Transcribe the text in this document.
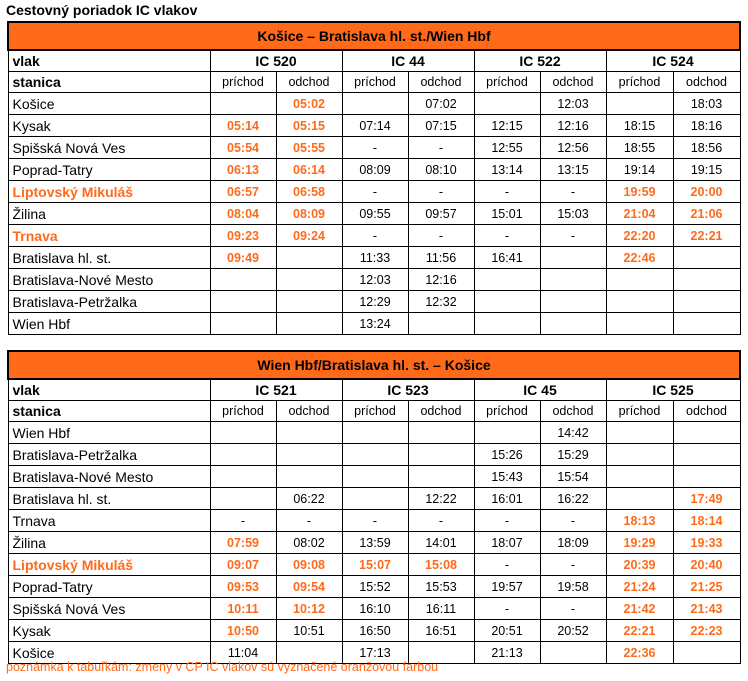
Cestovný poriadok IC vlakov
Košice – Bratislava hl. st./Wien Hbf								
vlak	IC 520		IC 44		IC 522		IC 524	
stanica	príchod	odchod	príchod	odchod	príchod	odchod	príchod	odchod
Košice		05:02		07:02		12:03		18:03
Kysak	05:14	05:15	07:14	07:15	12:15	12:16	18:15	18:16
Spišská Nová Ves	05:54	05:55	-	-	12:55	12:56	18:55	18:56
Poprad-Tatry	06:13	06:14	08:09	08:10	13:14	13:15	19:14	19:15
Liptovský Mikuláš	06:57	06:58	-	-	-	-	19:59	20:00
Žilina	08:04	08:09	09:55	09:57	15:01	15:03	21:04	21:06
Trnava	09:23	09:24	-	-	-	-	22:20	22:21
Bratislava hl. st.	09:49		11:33	11:56	16:41		22:46	
Bratislava-Nové Mesto			12:03	12:16				
Bratislava-Petržalka			12:29	12:32				
Wien Hbf			13:24					
Wien Hbf/Bratislava hl. st. – Košice								
vlak	IC 521		IC 523		IC 45		IC 525	
stanica	príchod	odchod	príchod	odchod	príchod	odchod	príchod	odchod
Wien Hbf						14:42		
Bratislava-Petržalka					15:26	15:29		
Bratislava-Nové Mesto					15:43	15:54		
Bratislava hl. st.		06:22		12:22	16:01	16:22		17:49
Trnava	-	-	-	-	-	-	18:13	18:14
Žilina	07:59	08:02	13:59	14:01	18:07	18:09	19:29	19:33
Liptovský Mikuláš	09:07	09:08	15:07	15:08	-	-	20:39	20:40
Poprad-Tatry	09:53	09:54	15:52	15:53	19:57	19:58	21:24	21:25
Spišská Nová Ves	10:11	10:12	16:10	16:11	-	-	21:42	21:43
Kysak	10:50	10:51	16:50	16:51	20:51	20:52	22:21	22:23
Košice	11:04		17:13		21:13		22:36	
poznámka k tabuľkám: zmeny v CP IC vlakov sú vyznačené oranžovou farbou
